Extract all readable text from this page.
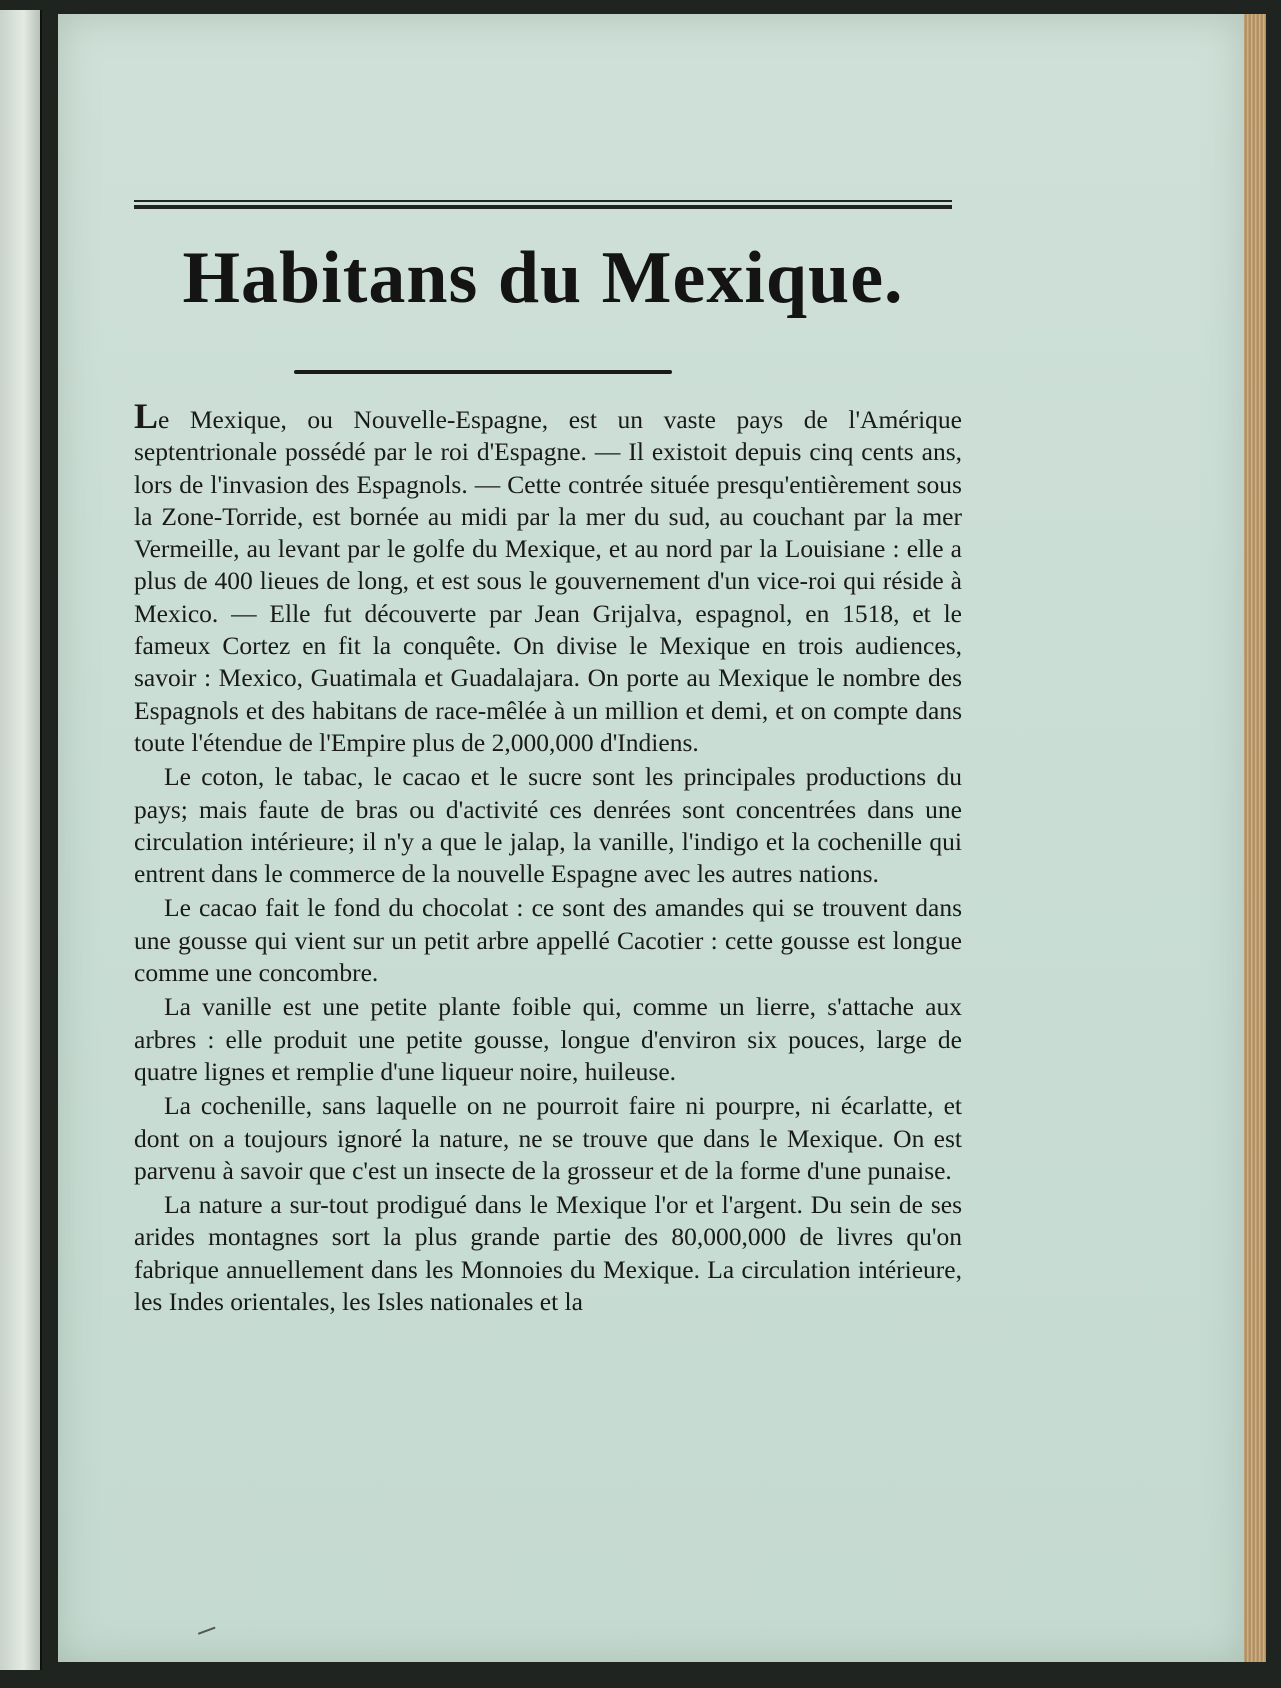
Habitans du Mexique.

Le Mexique, ou Nouvelle-Espagne, est un vaste pays de l'Amérique septentrionale possédé par le roi d'Espagne. — Il existoit depuis cinq cents ans, lors de l'invasion des Espagnols. — Cette contrée située presqu'entièrement sous la Zone-Torride, est bornée au midi par la mer du sud, au couchant par la mer Vermeille, au levant par le golfe du Mexique, et au nord par la Louisiane : elle a plus de 400 lieues de long, et est sous le gouvernement d'un vice-roi qui réside à Mexico. — Elle fut découverte par Jean Grijalva, espagnol, en 1518, et le fameux Cortez en fit la conquête. On divise le Mexique en trois audiences, savoir : Mexico, Guatimala et Guadalajara. On porte au Mexique le nombre des Espagnols et des habitans de race-mêlée à un million et demi, et on compte dans toute l'étendue de l'Empire plus de 2,000,000 d'Indiens.

Le coton, le tabac, le cacao et le sucre sont les principales productions du pays; mais faute de bras ou d'activité ces denrées sont concentrées dans une circulation intérieure; il n'y a que le jalap, la vanille, l'indigo et la cochenille qui entrent dans le commerce de la nouvelle Espagne avec les autres nations.

Le cacao fait le fond du chocolat : ce sont des amandes qui se trouvent dans une gousse qui vient sur un petit arbre appellé Cacotier : cette gousse est longue comme une concombre.

La vanille est une petite plante foible qui, comme un lierre, s'attache aux arbres : elle produit une petite gousse, longue d'environ six pouces, large de quatre lignes et remplie d'une liqueur noire, huileuse.

La cochenille, sans laquelle on ne pourroit faire ni pourpre, ni écarlatte, et dont on a toujours ignoré la nature, ne se trouve que dans le Mexique. On est parvenu à savoir que c'est un insecte de la grosseur et de la forme d'une punaise.

La nature a sur-tout prodigué dans le Mexique l'or et l'argent. Du sein de ses arides montagnes sort la plus grande partie des 80,000,000 de livres qu'on fabrique annuellement dans les Monnoies du Mexique. La circulation intérieure, les Indes orientales, les Isles nationales et la
